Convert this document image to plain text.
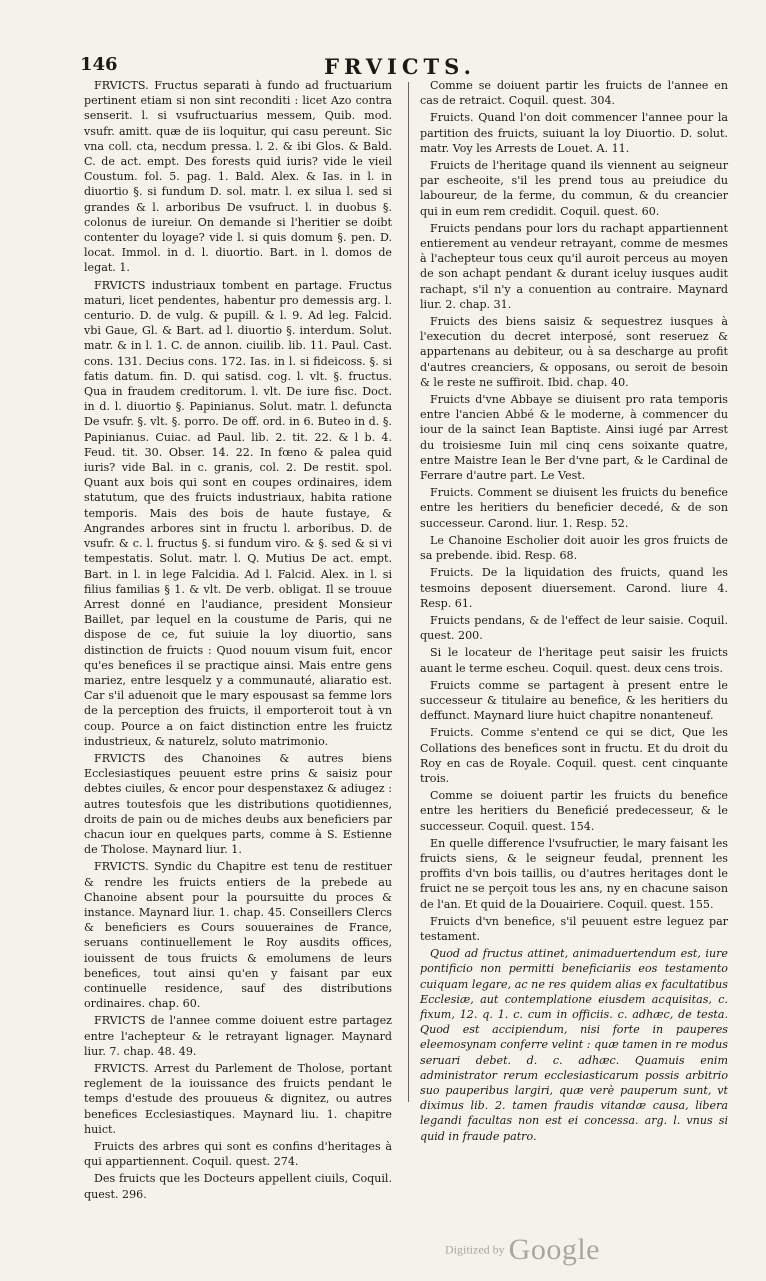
146	FRVICTS.

FRVICTS. Fructus separati à fundo ad fructuarium pertinent etiam si non sint reconditi : licet Azo contra senserit. l. si vsufructuarius messem, Quib. mod. vsufr. amitt. quæ de iis loquitur, qui casu pereunt. Sic vna coll. cta, necdum pressa. l. 2. & ibi Glos. & Bald. C. de act. empt. Des forests quid iuris? vide le vieil Coustum. fol. 5. pag. 1. Bald. Alex. & Ias. in l. in diuortio §. si fundum D. sol. matr. l. ex silua l. sed si grandes & l. arboribus De vsufruct. l. in duobus §. colonus de iureiur. On demande si l'heritier se doibt contenter du loyage? vide l. si quis domum §. pen. D. locat. Immol. in d. l. diuortio. Bart. in l. domos de legat. 1.

FRVICTS industriaux tombent en partage. Fructus maturi, licet pendentes, habentur pro demessis arg. l. centurio. D. de vulg. & pupill. & l. 9. Ad leg. Falcid. vbi Gaue, Gl. & Bart. ad l. diuortio §. interdum. Solut. matr. & in l. 1. C. de annon. ciuilib. lib. 11. Paul. Cast. cons. 131. Decius cons. 172. Ias. in l. si fideicoss. §. si fatis datum. fin. D. qui satisd. cog. l. vlt. §. fructus. Qua in fraudem creditorum. l. vlt. De iure fisc. Doct. in d. l. diuortio §. Papinianus. Solut. matr. l. defuncta De vsufr. §. vlt. §. porro. De off. ord. in 6. Buteo in d. §. Papinianus. Cuiac. ad Paul. lib. 2. tit. 22. & l b. 4. Feud. tit. 30. Obser. 14. 22. In fœno & palea quid iuris? vide Bal. in c. granis, col. 2. De restit. spol. Quant aux bois qui sont en coupes ordinaires, idem statutum, que des fruicts industriaux, habita ratione temporis. Mais des bois de haute fustaye, & Angrandes arbores sint in fructu l. arboribus. D. de vsufr. & c. l. fructus §. si fundum viro. & §. sed & si vi tempestatis. Solut. matr. l. Q. Mutius De act. empt. Bart. in l. in lege Falcidia. Ad l. Falcid. Alex. in l. si filius familias § 1. & vlt. De verb. obligat. Il se trouue Arrest donné en l'audiance, president Monsieur Baillet, par lequel en la coustume de Paris, qui ne dispose de ce, fut suiuie la loy diuortio, sans distinction de fruicts : Quod nouum visum fuit, encor qu'es benefices il se practique ainsi. Mais entre gens mariez, entre lesquelz y a communauté, aliaratio est. Car s'il aduenoit que le mary espousast sa femme lors de la perception des fruicts, il emporteroit tout à vn coup. Pource a on faict distinction entre les fruictz industrieux, & naturelz, soluto matrimonio.

FRVICTS des Chanoines & autres biens Ecclesiastiques peuuent estre prins & saisiz pour debtes ciuiles, & encor pour despenstaxez & adiugez : autres toutesfois que les distributions quotidiennes, droits de pain ou de miches deubs aux beneficiers par chacun iour en quelques parts, comme à S. Estienne de Tholose. Maynard liur. 1.

FRVICTS. Syndic du Chapitre est tenu de restituer & rendre les fruicts entiers de la prebede au Chanoine absent pour la poursuitte du proces & instance. Maynard liur. 1. chap. 45. Conseillers Clercs & beneficiers es Cours souueraines de France, seruans continuellement le Roy ausdits offices, iouissent de tous fruicts & emolumens de leurs benefices, tout ainsi qu'en y faisant par eux continuelle residence, sauf des distributions ordinaires. chap. 60.

FRVICTS de l'annee comme doiuent estre partagez entre l'achepteur & le retrayant lignager. Maynard liur. 7. chap. 48. 49.

FRVICTS. Arrest du Parlement de Tholose, portant reglement de la iouissance des fruicts pendant le temps d'estude des prouueus & dignitez, ou autres benefices Ecclesiastiques. Maynard liu. 1. chapitre huict.

Fruicts des arbres qui sont es confins d'heritages à qui appartiennent. Coquil. quest. 274.

Des fruicts que les Docteurs appellent ciuils, Coquil. quest. 296.

Comme se doiuent partir les fruicts de l'annee en cas de retraict. Coquil. quest. 304.

Fruicts. Quand l'on doit commencer l'annee pour la partition des fruicts, suiuant la loy Diuortio. D. solut. matr. Voy les Arrests de Louet. A. 11.

Fruicts de l'heritage quand ils viennent au seigneur par escheoite, s'il les prend tous au preiudice du laboureur, de la ferme, du commun, & du creancier qui in eum rem credidit. Coquil. quest. 60.

Fruicts pendans pour lors du rachapt appartiennent entierement au vendeur retrayant, comme de mesmes à l'achepteur tous ceux qu'il auroit perceus au moyen de son achapt pendant & durant iceluy iusques audit rachapt, s'il n'y a conuention au contraire. Maynard liur. 2. chap. 31.

Fruicts des biens saisiz & sequestrez iusques à l'execution du decret interposé, sont reseruez & appartenans au debiteur, ou à sa descharge au profit d'autres creanciers, & opposans, ou seroit de besoin & le reste ne suffiroit. Ibid. chap. 40.

Fruicts d'vne Abbaye se diuisent pro rata temporis entre l'ancien Abbé & le moderne, à commencer du iour de la sainct Iean Baptiste. Ainsi iugé par Arrest du troisiesme Iuin mil cinq cens soixante quatre, entre Maistre Iean le Ber d'vne part, & le Cardinal de Ferrare d'autre part. Le Vest.

Fruicts. Comment se diuisent les fruicts du benefice entre les heritiers du beneficier decedé, & de son successeur. Carond. liur. 1. Resp. 52.

Le Chanoine Escholier doit auoir les gros fruicts de sa prebende. ibid. Resp. 68.

Fruicts. De la liquidation des fruicts, quand les tesmoins deposent diuersement. Carond. liure 4. Resp. 61.

Fruicts pendans, & de l'effect de leur saisie. Coquil. quest. 200.

Si le locateur de l'heritage peut saisir les fruicts auant le terme escheu. Coquil. quest. deux cens trois.

Fruicts comme se partagent à present entre le successeur & titulaire au benefice, & les heritiers du deffunct. Maynard liure huict chapitre nonanteneuf.

Fruicts. Comme s'entend ce qui se dict, Que les Collations des benefices sont in fructu. Et du droit du Roy en cas de Royale. Coquil. quest. cent cinquante trois.

Comme se doiuent partir les fruicts du benefice entre les heritiers du Beneficié predecesseur, & le successeur. Coquil. quest. 154.

En quelle difference l'vsufructier, le mary faisant les fruicts siens, & le seigneur feudal, prennent les proffits d'vn bois taillis, ou d'autres heritages dont le fruict ne se perçoit tous les ans, ny en chacune saison de l'an. Et quid de la Douairiere. Coquil. quest. 155.

Fruicts d'vn benefice, s'il peuuent estre leguez par testament.

Quod ad fructus attinet, animaduertendum est, iure pontificio non permitti beneficiariis eos testamento cuiquam legare, ac ne res quidem alias ex facultatibus Ecclesiæ, aut contemplatione eiusdem acquisitas, c. fixum, 12. q. 1. c. cum in officiis. c. adhæc, de testa. Quod est accipiendum, nisi forte in pauperes eleemosynam conferre velint : quæ tamen in re modus seruari debet. d. c. adhæc. Quamuis enim administrator rerum ecclesiasticarum possis arbitrio suo pauperibus largiri, quæ verè pauperum sunt, vt diximus lib. 2. tamen fraudis vitandæ causa, libera legandi facultas non est ei concessa. arg. l. vnus si quid in fraude patro.

Digitized by Google
